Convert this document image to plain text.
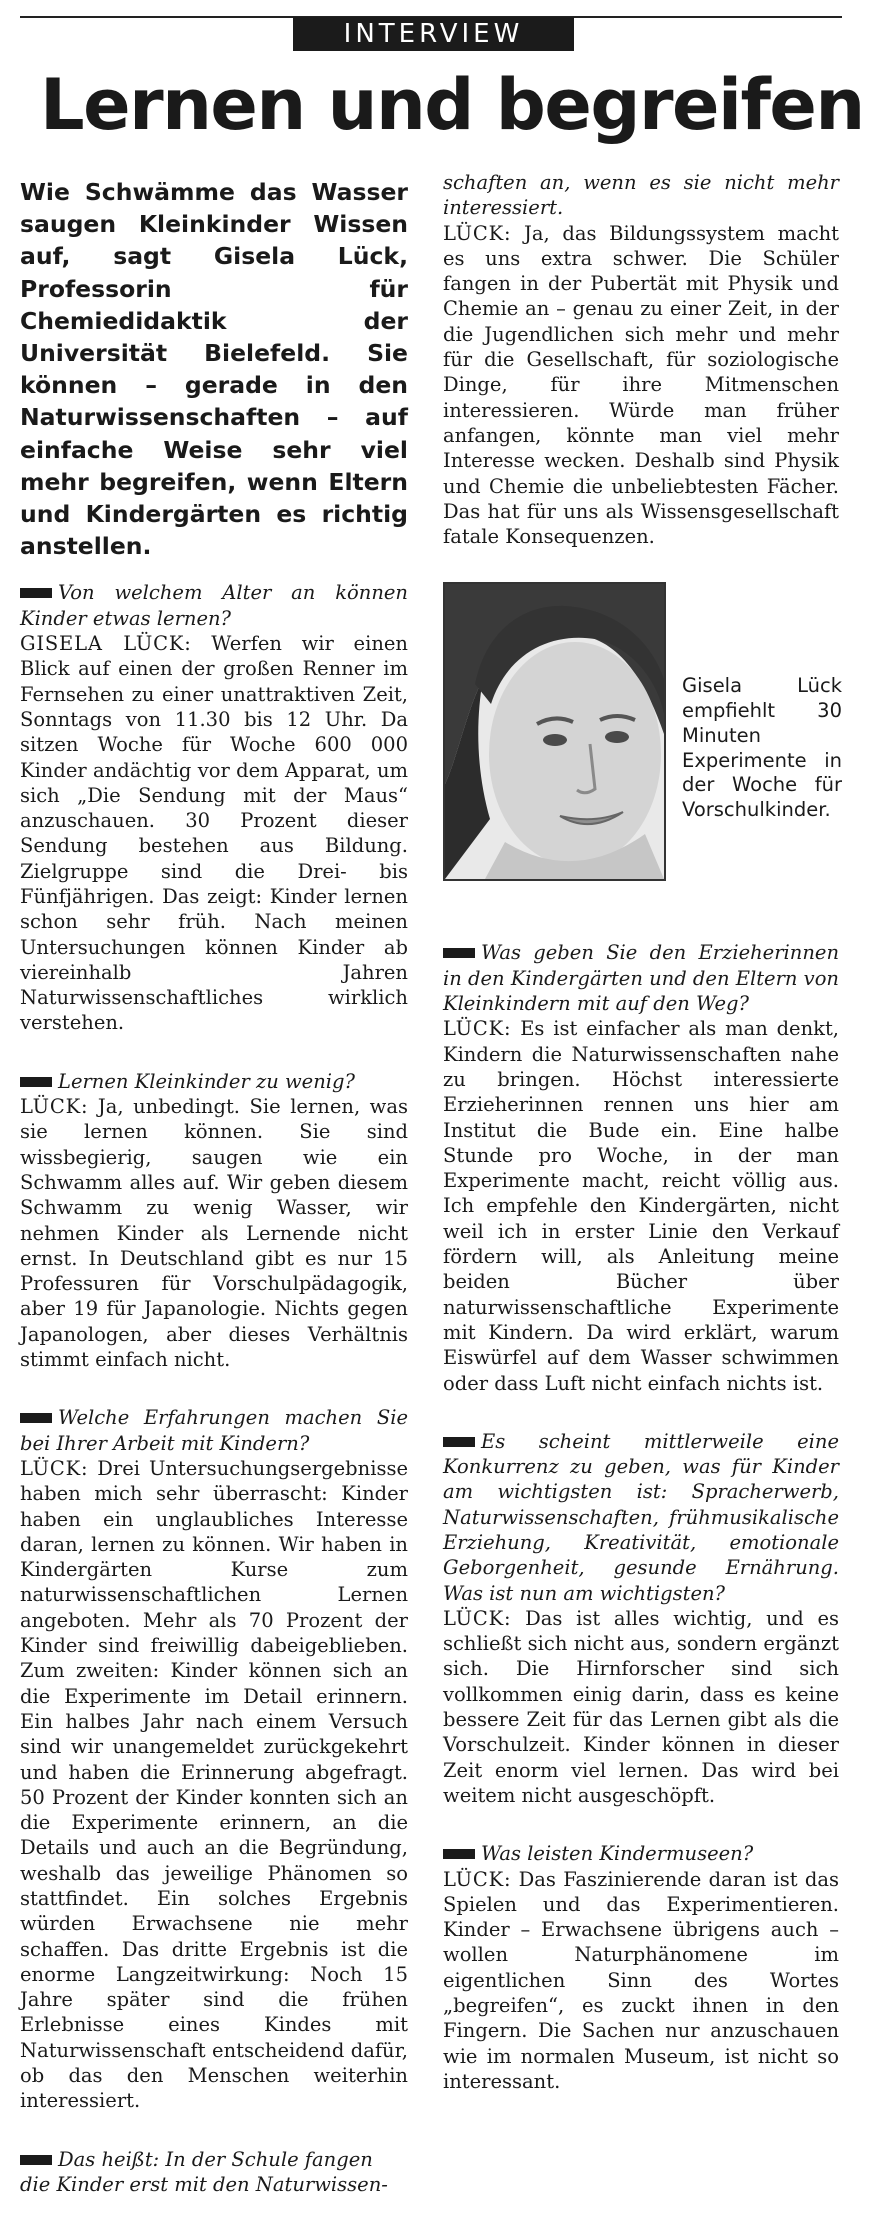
INTERVIEW
Lernen und begreifen

Wie Schwämme das Wasser saugen Kleinkinder Wissen auf, sagt Gisela Lück, Professorin für Chemiedidaktik der Universität Bielefeld. Sie können – gerade in den Naturwissenschaften – auf einfache Weise sehr viel mehr begreifen, wenn Eltern und Kindergärten es richtig anstellen.

Von welchem Alter an können Kinder etwas lernen?

GISELA LÜCK: Werfen wir einen Blick auf einen der großen Renner im Fernsehen zu einer unattraktiven Zeit, Sonntags von 11.30 bis 12 Uhr. Da sitzen Woche für Woche 600 000 Kinder andächtig vor dem Apparat, um sich „Die Sendung mit der Maus“ anzuschauen. 30 Prozent dieser Sendung bestehen aus Bildung. Zielgruppe sind die Drei- bis Fünfjährigen. Das zeigt: Kinder lernen schon sehr früh. Nach meinen Untersuchungen können Kinder ab viereinhalb Jahren Naturwissenschaftliches wirklich verstehen.

Lernen Kleinkinder zu wenig?

LÜCK: Ja, unbedingt. Sie lernen, was sie lernen können. Sie sind wissbegierig, saugen wie ein Schwamm alles auf. Wir geben diesem Schwamm zu wenig Wasser, wir nehmen Kinder als Lernende nicht ernst. In Deutschland gibt es nur 15 Professuren für Vorschulpädagogik, aber 19 für Japanologie. Nichts gegen Japanologen, aber dieses Verhältnis stimmt einfach nicht.

Welche Erfahrungen machen Sie bei Ihrer Arbeit mit Kindern?

LÜCK: Drei Untersuchungsergebnisse haben mich sehr überrascht: Kinder haben ein unglaubliches Interesse daran, lernen zu können. Wir haben in Kindergärten Kurse zum naturwissenschaftlichen Lernen angeboten. Mehr als 70 Prozent der Kinder sind freiwillig dabeigeblieben. Zum zweiten: Kinder können sich an die Experimente im Detail erinnern. Ein halbes Jahr nach einem Versuch sind wir unangemeldet zurückgekehrt und haben die Erinnerung abgefragt. 50 Prozent der Kinder konnten sich an die Experimente erinnern, an die Details und auch an die Begründung, weshalb das jeweilige Phänomen so stattfindet. Ein solches Ergebnis würden Erwachsene nie mehr schaffen. Das dritte Ergebnis ist die enorme Langzeitwirkung: Noch 15 Jahre später sind die frühen Erlebnisse eines Kindes mit Naturwissenschaft entscheidend dafür, ob das den Menschen weiterhin interessiert.

Das heißt: In der Schule fangen die Kinder erst mit den Naturwissen-

schaften an, wenn es sie nicht mehr interessiert.

LÜCK: Ja, das Bildungssystem macht es uns extra schwer. Die Schüler fangen in der Pubertät mit Physik und Chemie an – genau zu einer Zeit, in der die Jugendlichen sich mehr und mehr für die Gesellschaft, für soziologische Dinge, für ihre Mitmenschen interessieren. Würde man früher anfangen, könnte man viel mehr Interesse wecken. Deshalb sind Physik und Chemie die unbeliebtesten Fächer. Das hat für uns als Wissensgesellschaft fatale Konsequenzen.

Gisela Lück empfiehlt 30 Minuten Experimente in der Woche für Vorschulkinder.

Was geben Sie den Erzieherinnen in den Kindergärten und den Eltern von Kleinkindern mit auf den Weg?

LÜCK: Es ist einfacher als man denkt, Kindern die Naturwissenschaften nahe zu bringen. Höchst interessierte Erzieherinnen rennen uns hier am Institut die Bude ein. Eine halbe Stunde pro Woche, in der man Experimente macht, reicht völlig aus. Ich empfehle den Kindergärten, nicht weil ich in erster Linie den Verkauf fördern will, als Anleitung meine beiden Bücher über naturwissenschaftliche Experimente mit Kindern. Da wird erklärt, warum Eiswürfel auf dem Wasser schwimmen oder dass Luft nicht einfach nichts ist.

Es scheint mittlerweile eine Konkurrenz zu geben, was für Kinder am wichtigsten ist: Spracherwerb, Naturwissenschaften, frühmusikalische Erziehung, Kreativität, emotionale Geborgenheit, gesunde Ernährung. Was ist nun am wichtigsten?

LÜCK: Das ist alles wichtig, und es schließt sich nicht aus, sondern ergänzt sich. Die Hirnforscher sind sich vollkommen einig darin, dass es keine bessere Zeit für das Lernen gibt als die Vorschulzeit. Kinder können in dieser Zeit enorm viel lernen. Das wird bei weitem nicht ausgeschöpft.

Was leisten Kindermuseen?

LÜCK: Das Faszinierende daran ist das Spielen und das Experimentieren. Kinder – Erwachsene übrigens auch – wollen Naturphänomene im eigentlichen Sinn des Wortes „begreifen“, es zuckt ihnen in den Fingern. Die Sachen nur anzuschauen wie im normalen Museum, ist nicht so interessant.
